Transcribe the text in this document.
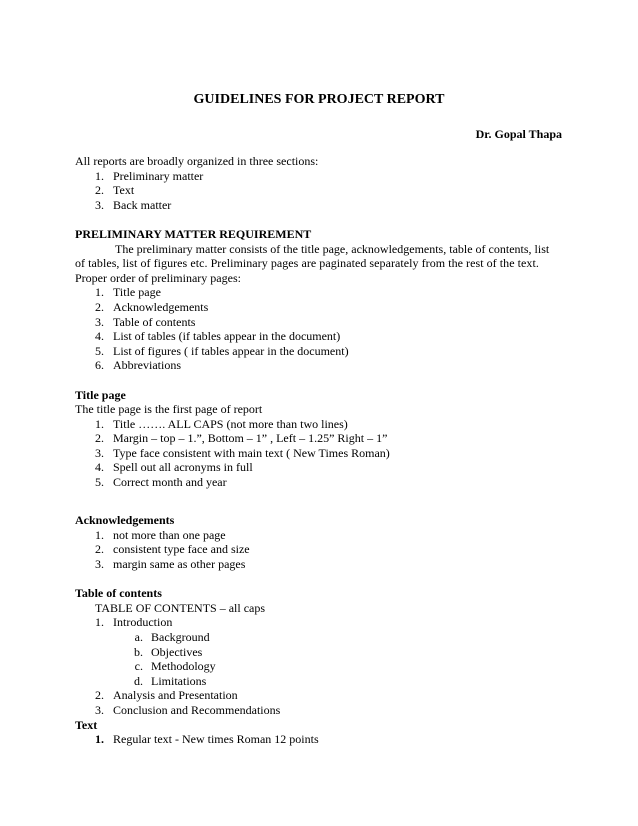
GUIDELINES FOR PROJECT REPORT
Dr. Gopal Thapa
All reports are broadly organized in three sections:
1. Preliminary matter
2. Text
3. Back matter
PRELIMINARY MATTER REQUIREMENT
The preliminary matter consists of the title page, acknowledgements, table of contents, list
of tables, list of figures etc. Preliminary pages are paginated separately from the rest of the text.
Proper order of preliminary pages:
1. Title page
2. Acknowledgements
3. Table of contents
4. List of tables (if tables appear in the document)
5. List of figures ( if tables appear in the document)
6. Abbreviations
Title page
The title page is the first page of report
1. Title ……. ALL CAPS (not more than two lines)
2. Margin – top – 1.”, Bottom – 1” , Left – 1.25” Right – 1”
3. Type face consistent with main text ( New Times Roman)
4. Spell out all acronyms in full
5. Correct month and year
Acknowledgements
1. not more than one page
2. consistent type face and size
3. margin same as other pages
Table of contents
TABLE OF CONTENTS – all caps
1. Introduction
a. Background
b. Objectives
c. Methodology
d. Limitations
2. Analysis and Presentation
3. Conclusion and Recommendations
Text
1. Regular text - New times Roman 12 points
